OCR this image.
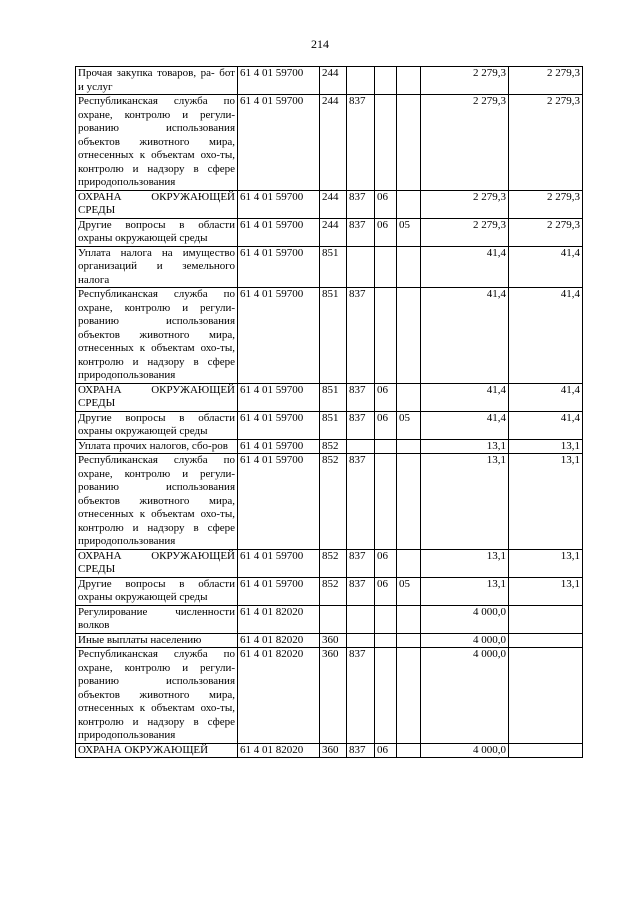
214
Прочая закупка товаров, ра- бот и услуг	61 4 01 59700	244				2 279,3	2 279,3
Республиканская служба по охране, контролю и регули-рованию использования объектов животного мира, отнесенных к объектам охо-ты, контролю и надзору в сфере природопользования	61 4 01 59700	244	837			2 279,3	2 279,3
ОХРАНА ОКРУЖАЮЩЕЙ СРЕДЫ	61 4 01 59700	244	837	06		2 279,3	2 279,3
Другие вопросы в области охраны окружающей среды	61 4 01 59700	244	837	06	05	2 279,3	2 279,3
Уплата налога на имущество организаций и земельного налога	61 4 01 59700	851				41,4	41,4
Республиканская служба по охране, контролю и регули-рованию использования объектов животного мира, отнесенных к объектам охо-ты, контролю и надзору в сфере природопользования	61 4 01 59700	851	837			41,4	41,4
ОХРАНА ОКРУЖАЮЩЕЙ СРЕДЫ	61 4 01 59700	851	837	06		41,4	41,4
Другие вопросы в области охраны окружающей среды	61 4 01 59700	851	837	06	05	41,4	41,4
Уплата прочих налогов, сбо-ров	61 4 01 59700	852				13,1	13,1
Республиканская служба по охране, контролю и регули-рованию использования объектов животного мира, отнесенных к объектам охо-ты, контролю и надзору в сфере природопользования	61 4 01 59700	852	837			13,1	13,1
ОХРАНА ОКРУЖАЮЩЕЙ СРЕДЫ	61 4 01 59700	852	837	06		13,1	13,1
Другие вопросы в области охраны окружающей среды	61 4 01 59700	852	837	06	05	13,1	13,1
Регулирование численности волков	61 4 01 82020					4 000,0	
Иные выплаты населению	61 4 01 82020	360				4 000,0	
Республиканская служба по охране, контролю и регули-рованию использования объектов животного мира, отнесенных к объектам охо-ты, контролю и надзору в сфере природопользования	61 4 01 82020	360	837			4 000,0	
ОХРАНА ОКРУЖАЮЩЕЙ	61 4 01 82020	360	837	06		4 000,0	
